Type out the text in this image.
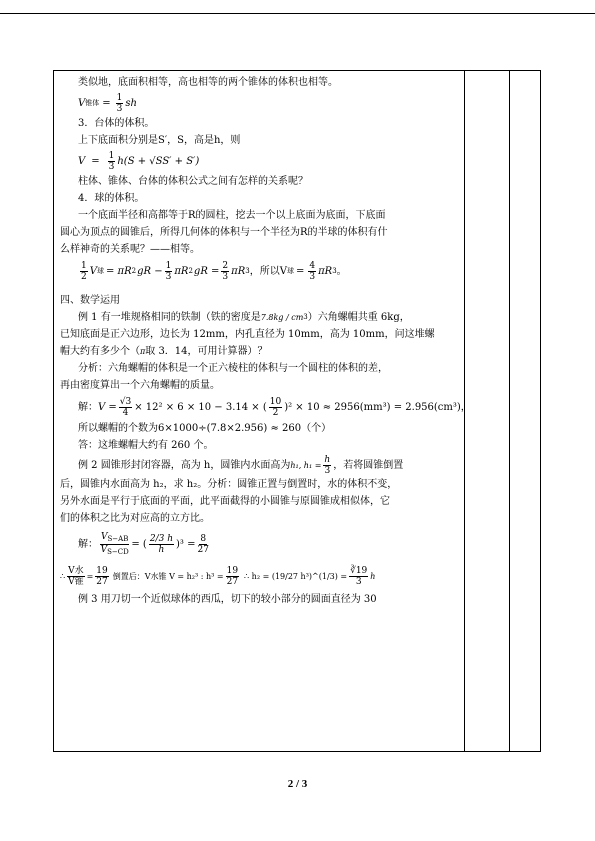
类似地，底面积相等，高也相等的两个锥体的体积也相等。
V 锥体 = $\frac{1}{3}$ sh
3．台体的体积。
上下底面积分别是S′，S，高是h，则
$V = \frac{1}{3} h(S + √SS' + S')$
柱体、锥体、台体的体积公式之间有怎样的关系呢？
4．球的体积。
一个底面半径和高都等于R的圆柱，挖去一个以上底面为底面，下底面
圆心为顶点的圆锥后，所得几何体的体积与一个半径为R的半球的体积有什
么样神奇的关系呢？——相等。
$\frac{1}{2}$ V 球 = πR 2 gR − $\frac{1}{3}$ πR 2 gR = $\frac{2}{3}$ πR 3 ，所以V 球 = $\frac{4}{3}$ πR 3 。
四、数学运用
例 1 有一堆规格相同的铁制（铁的密度是 7.8kg / cm 3 ）六角螺帽共重 6kg，
已知底面是正六边形，边长为 12mm，内孔直径为 10mm，高为 10mm，问这堆螺
帽大约有多少个（ π 取 3．14，可用计算器）？
分析：六角螺帽的体积是一个正六棱柱的体积与一个圆柱的体积的差，
再由密度算出一个六角螺帽的质量。
解： $V = \frac{√3}{4} \times 12^2 \times 6 \times 10 - 3.14$ × ( $\frac{10}{2} )^2 \times 10 \approx 2956(mm^3) = 2.956(cm^3)$，
所以螺帽的个数为6×1000÷(7.8×2.956) ≈ 260（个）
答：这堆螺帽大约有 260 个。
例 2 圆锥形封闭容器，高为 h，圆锥内水面高为 h₁, $h_1 = \frac{h}{3}$ ，若将圆锥倒置
后，圆锥内水面高为 h₂，求 h₂。分析：圆锥正置与倒置时，水的体积不变，
另外水面是平行于底面的平面，此平面截得的小圆锥与原圆锥成相似体，它
们的体积之比为对应高的立方比。
解： $\frac{V_{S-AB}}{V_{S-CD}}$ = ( $\frac{2/3 h}{h} )^3 = \frac{8}{27}$
∴ $\frac{\text{V水}}{\text{V锥}} = \frac{19}{27}$ 倒置后：V水锥 V = h₂³ : $h^3 = \frac{19}{27}$ ∴ h₂ = (19/27 h³)^(1/3) = $\frac{∛19}{3}$ h
例 3 用刀切一个近似球体的西瓜，切下的较小部分的圆面直径为 30
2 / 3
